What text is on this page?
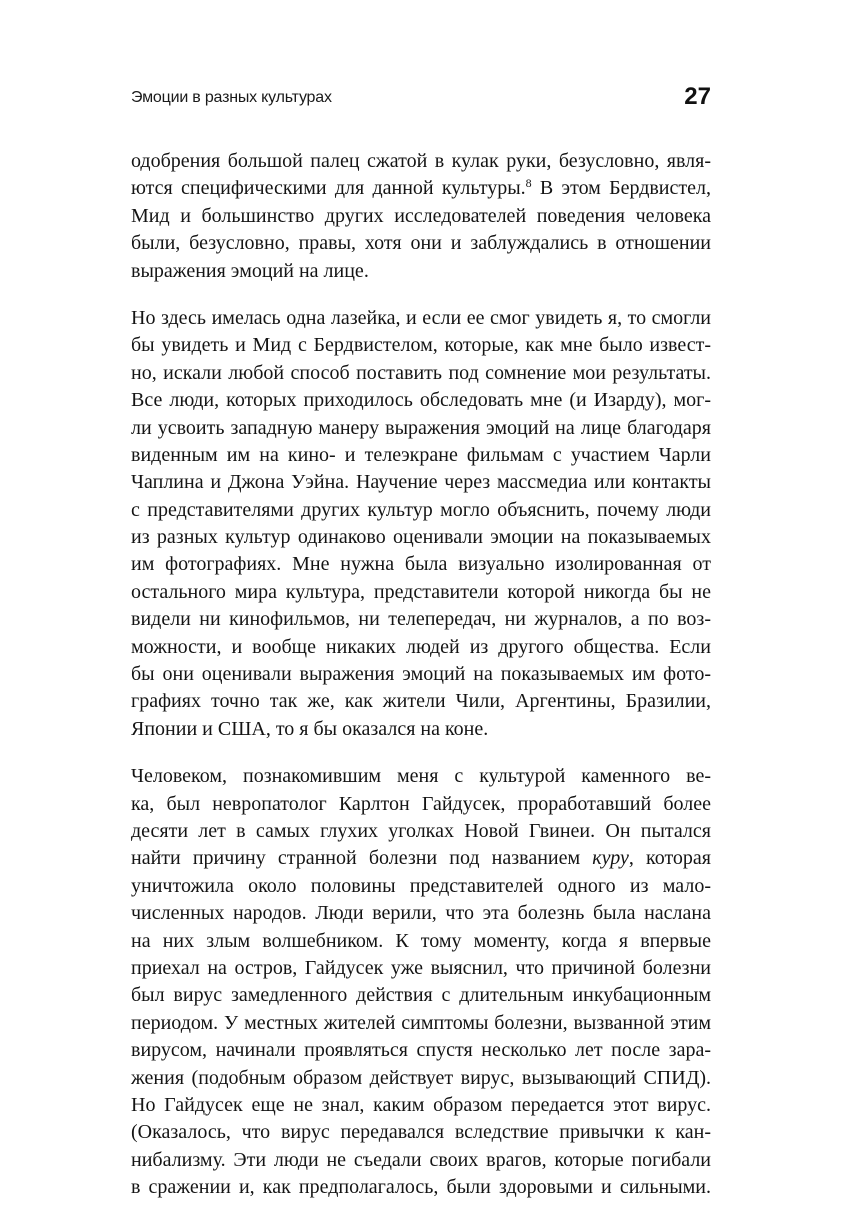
Эмоции в разных культурах	27
одобрения большой палец сжатой в кулак руки, безусловно, явля-
ются специфическими для данной культуры.$^8$ В этом Бердвистел,
Мид и большинство других исследователей поведения человека
были, безусловно, правы, хотя они и заблуждались в отношении
выражения эмоций на лице.
Но здесь имелась одна лазейка, и если ее смог увидеть я, то смогли
бы увидеть и Мид с Бердвистелом, которые, как мне было извест-
но, искали любой способ поставить под сомнение мои результаты.
Все люди, которых приходилось обследовать мне (и Изарду), мог-
ли усвоить западную манеру выражения эмоций на лице благодаря
виденным им на кино- и телеэкране фильмам с участием Чарли
Чаплина и Джона Уэйна. Научение через массмедиа или контакты
с представителями других культур могло объяснить, почему люди
из разных культур одинаково оценивали эмоции на показываемых
им фотографиях. Мне нужна была визуально изолированная от
остального мира культура, представители которой никогда бы не
видели ни кинофильмов, ни телепередач, ни журналов, а по воз-
можности, и вообще никаких людей из другого общества. Если
бы они оценивали выражения эмоций на показываемых им фото-
графиях точно так же, как жители Чили, Аргентины, Бразилии,
Японии и США, то я бы оказался на коне.
Человеком, познакомившим меня с культурой каменного ве-
ка, был невропатолог Карлтон Гайдусек, проработавший более
десяти лет в самых глухих уголках Новой Гвинеи. Он пытался
найти причину странной болезни под названием куру, которая
уничтожила около половины представителей одного из мало-
численных народов. Люди верили, что эта болезнь была наслана
на них злым волшебником. К тому моменту, когда я впервые
приехал на остров, Гайдусек уже выяснил, что причиной болезни
был вирус замедленного действия с длительным инкубационным
периодом. У местных жителей симптомы болезни, вызванной этим
вирусом, начинали проявляться спустя несколько лет после зара-
жения (подобным образом действует вирус, вызывающий СПИД).
Но Гайдусек еще не знал, каким образом передается этот вирус.
(Оказалось, что вирус передавался вследствие привычки к кан-
нибализму. Эти люди не съедали своих врагов, которые погибали
в сражении и, как предполагалось, были здоровыми и сильными.
